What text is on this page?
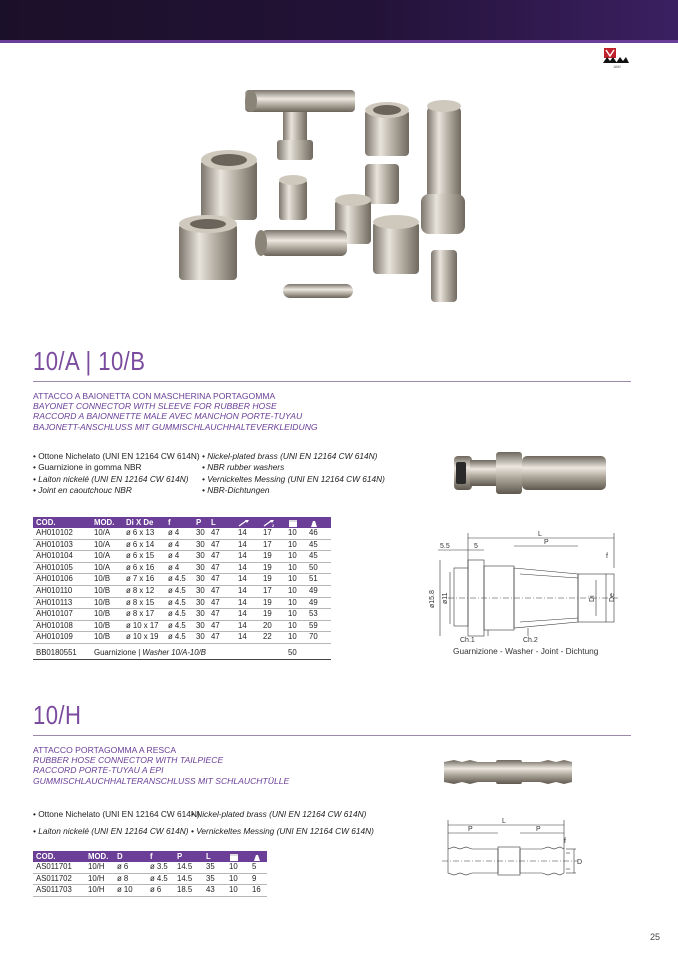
AMI
10/A | 10/B
ATTACCO A BAIONETTA CON MASCHERINA PORTAGOMMA
BAYONET CONNECTOR WITH SLEEVE FOR RUBBER HOSE
RACCORD A BAIONNETTE MALE AVEC MANCHON PORTE-TUYAU
BAJONETT-ANSCHLUSS MIT GUMMISCHLAUCHHALTEVERKLEIDUNG
• Ottone Nichelato (UNI EN 12164 CW 614N)
• Guarnizione in gomma NBR
• Laiton nickelé (UNI EN 12164 CW 614N)
• Joint en caoutchouc NBR
• Nickel-plated brass (UNI EN 12164 CW 614N)
• NBR rubber washers
• Vernickeltes Messing (UNI EN 12164 CW 614N)
• NBR-Dichtungen
COD.	MOD.	Di X De	f	P	L		2

AH010102	10/A	ø 6 x 13	ø 4	30	47	14	17	10	46
AH010103	10/A	ø 6 x 14	ø 4	30	47	14	17	10	45
AH010104	10/A	ø 6 x 15	ø 4	30	47	14	19	10	45
AH010105	10/A	ø 6 x 16	ø 4	30	47	14	19	10	50
AH010106	10/B	ø 7 x 16	ø 4.5	30	47	14	19	10	51
AH010110	10/B	ø 8 x 12	ø 4.5	30	47	14	17	10	49
AH010113	10/B	ø 8 x 15	ø 4.5	30	47	14	19	10	49
AH010107	10/B	ø 8 x 17	ø 4.5	30	47	14	19	10	53
AH010108	10/B	ø 10 x 17	ø 4.5	30	47	14	20	10	59
AH010109	10/B	ø 10 x 19	ø 4.5	30	47	14	22	10	70
BB0180551	Guarnizione | Washer 10/A-10/B							50	
5.5	5
L
P
f
ø15.8 ø11	Di De
Ch.1	Ch.2
Guarnizione - Washer - Joint - Dichtung
10/H
ATTACCO PORTAGOMMA A RESCA
RUBBER HOSE CONNECTOR WITH TAILPIECE
RACCORD PORTE-TUYAU A EPI
GUMMISCHLAUCHHALTERANSCHLUSS MIT SCHLAUCHTÜLLE
• Ottone Nichelato (UNI EN 12164 CW 614N)
• Laiton nickelé (UNI EN 12164 CW 614N)
• Nickel-plated brass (UNI EN 12164 CW 614N)
• Vernickeltes Messing (UNI EN 12164 CW 614N)
COD.	MOD.	D	f	P	L		
AS011701	10/H	ø 6	ø 3.5	14.5	35	10	5
AS011702	10/H	ø 8	ø 4.5	14.5	35	10	9
AS011703	10/H	ø 10	ø 6	18.5	43	10	16
L
P	P
f
D
25
